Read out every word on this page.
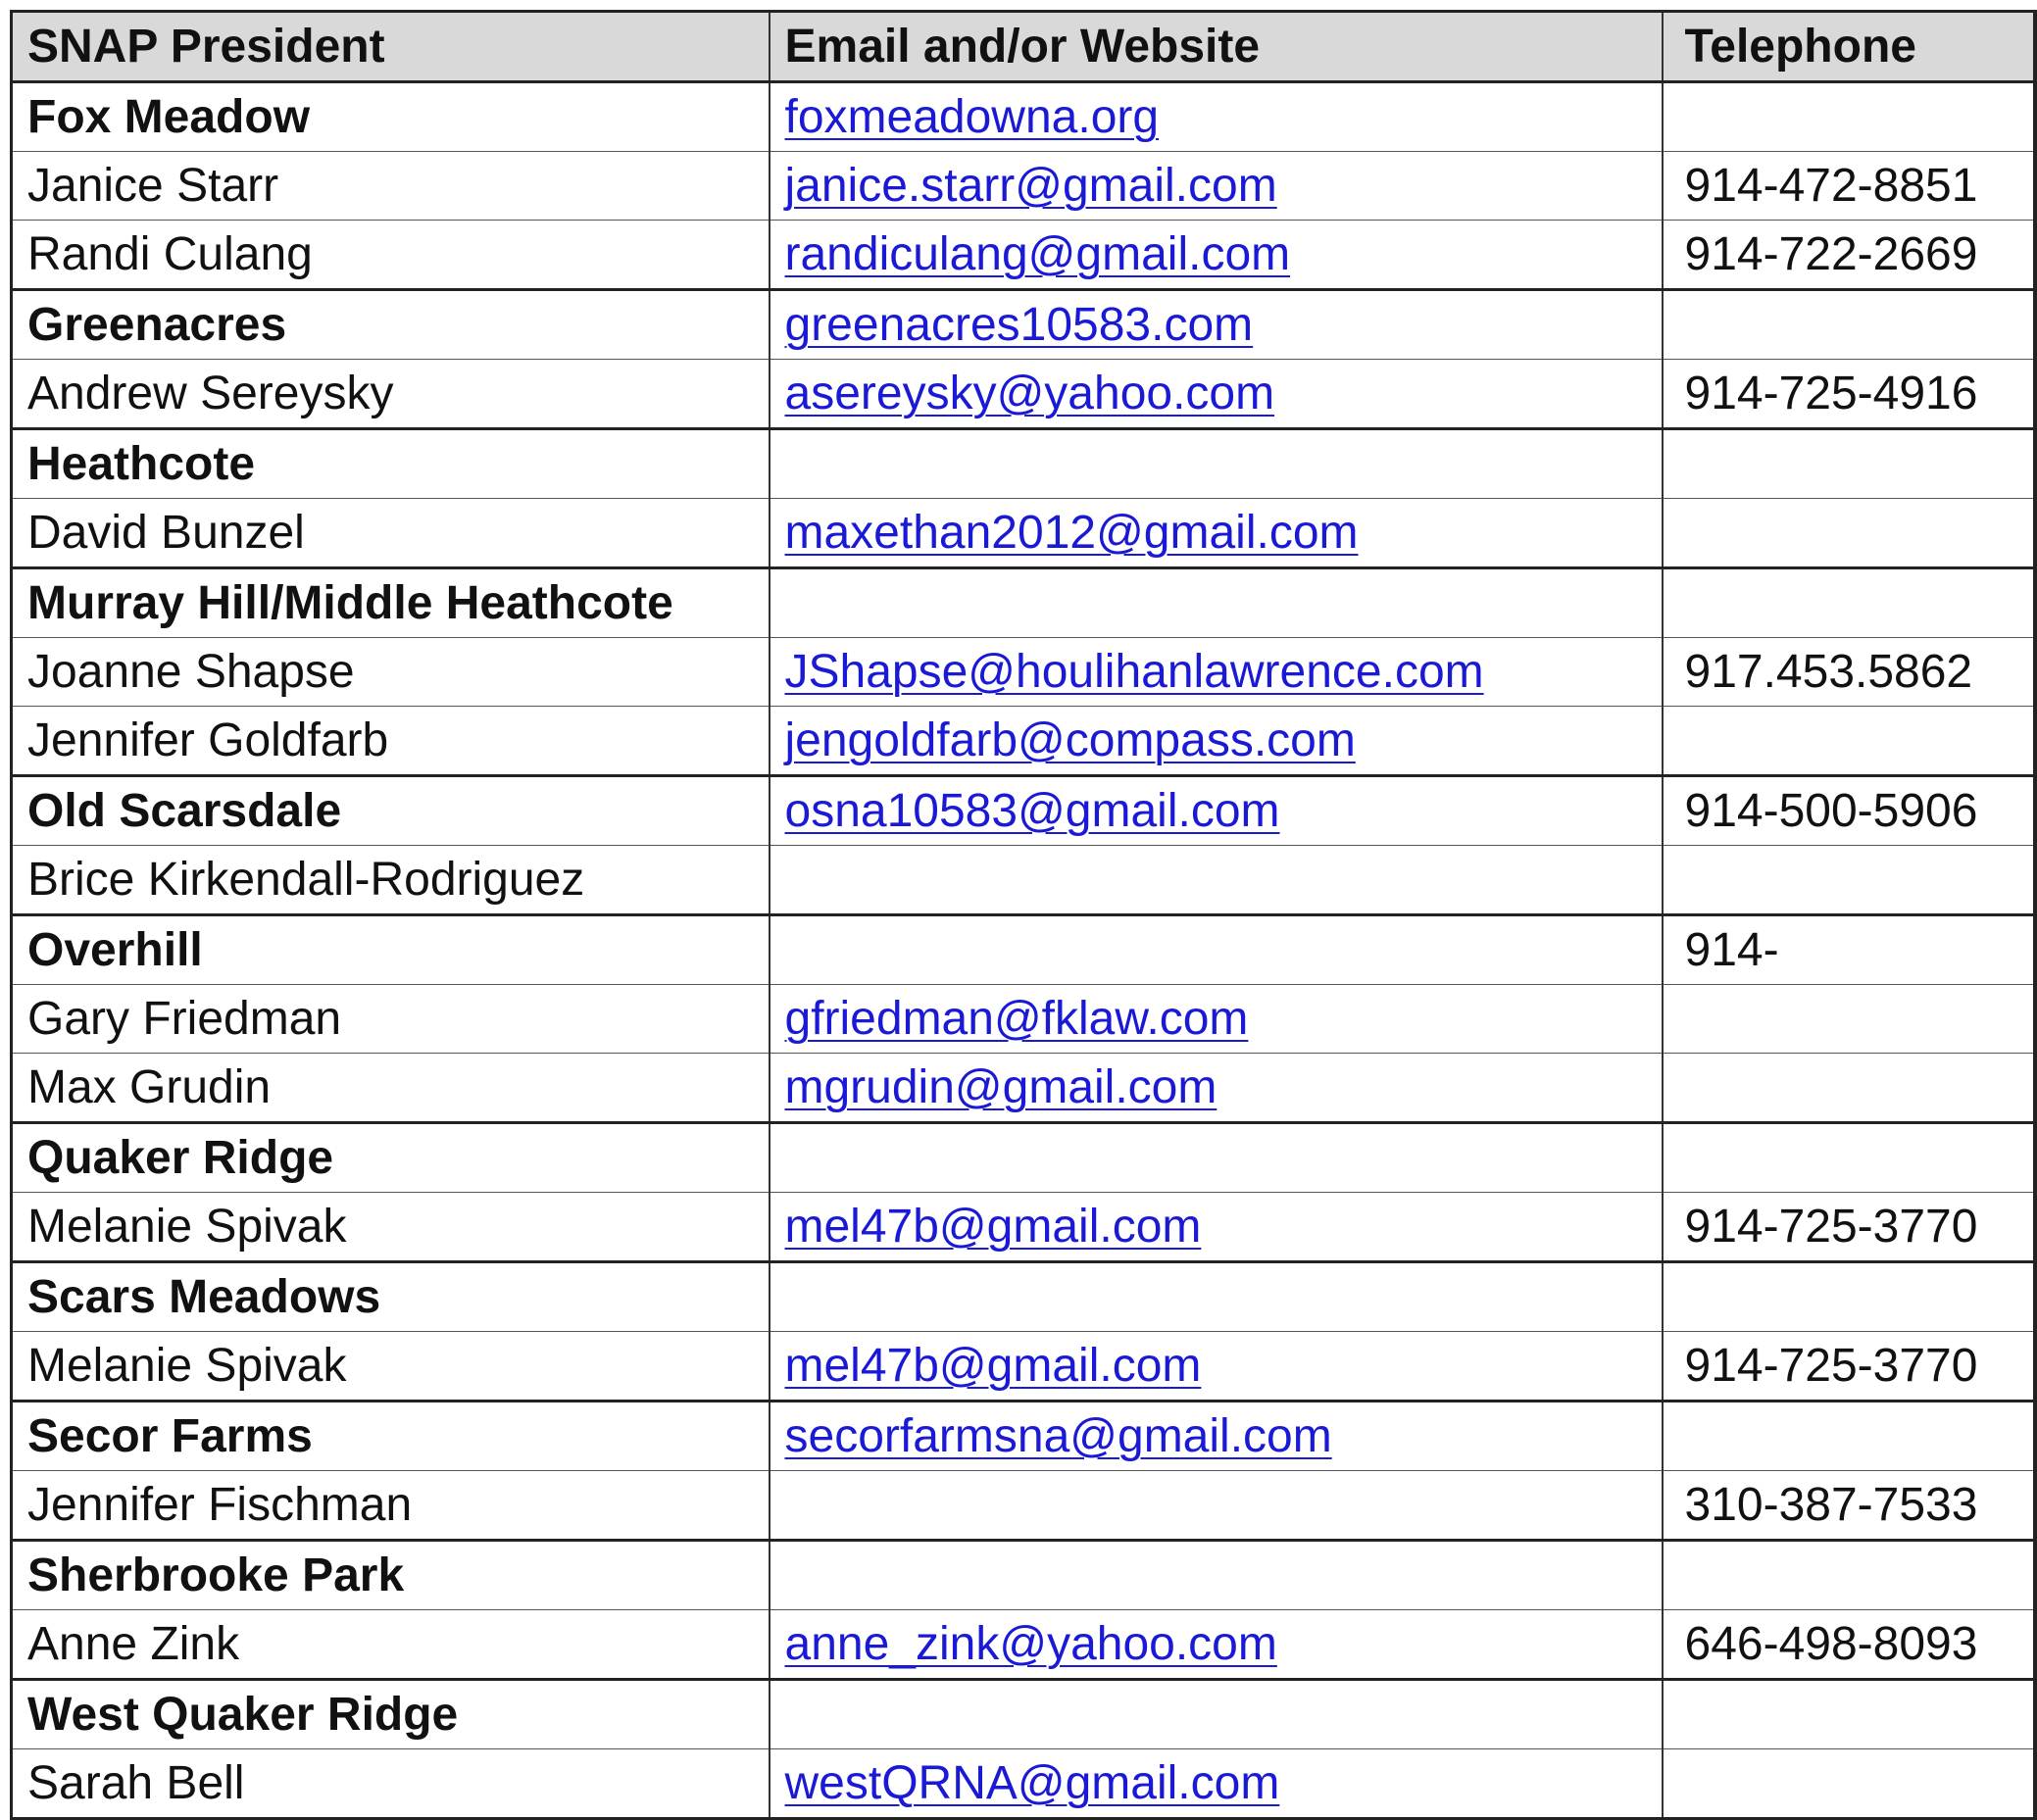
SNAP President	Email and/or Website	Telephone
Fox Meadow	foxmeadowna.org	
Janice Starr	janice.starr@gmail.com	914-472-8851
Randi Culang	randiculang@gmail.com	914-722-2669
Greenacres	greenacres10583.com	
Andrew Sereysky	asereysky@yahoo.com	914-725-4916
Heathcote		
David Bunzel	maxethan2012@gmail.com	
Murray Hill/Middle Heathcote		
Joanne Shapse	JShapse@houlihanlawrence.com	917.453.5862
Jennifer Goldfarb	jengoldfarb@compass.com	
Old Scarsdale	osna10583@gmail.com	914-500-5906
Brice Kirkendall-Rodriguez		
Overhill		914-
Gary Friedman	gfriedman@fklaw.com	
Max Grudin	mgrudin@gmail.com	
Quaker Ridge		
Melanie Spivak	mel47b@gmail.com	914-725-3770
Scars Meadows		
Melanie Spivak	mel47b@gmail.com	914-725-3770
Secor Farms	secorfarmsna@gmail.com	
Jennifer Fischman		310-387-7533
Sherbrooke Park		
Anne Zink	anne_zink@yahoo.com	646-498-8093
West Quaker Ridge		
Sarah Bell	westQRNA@gmail.com	
